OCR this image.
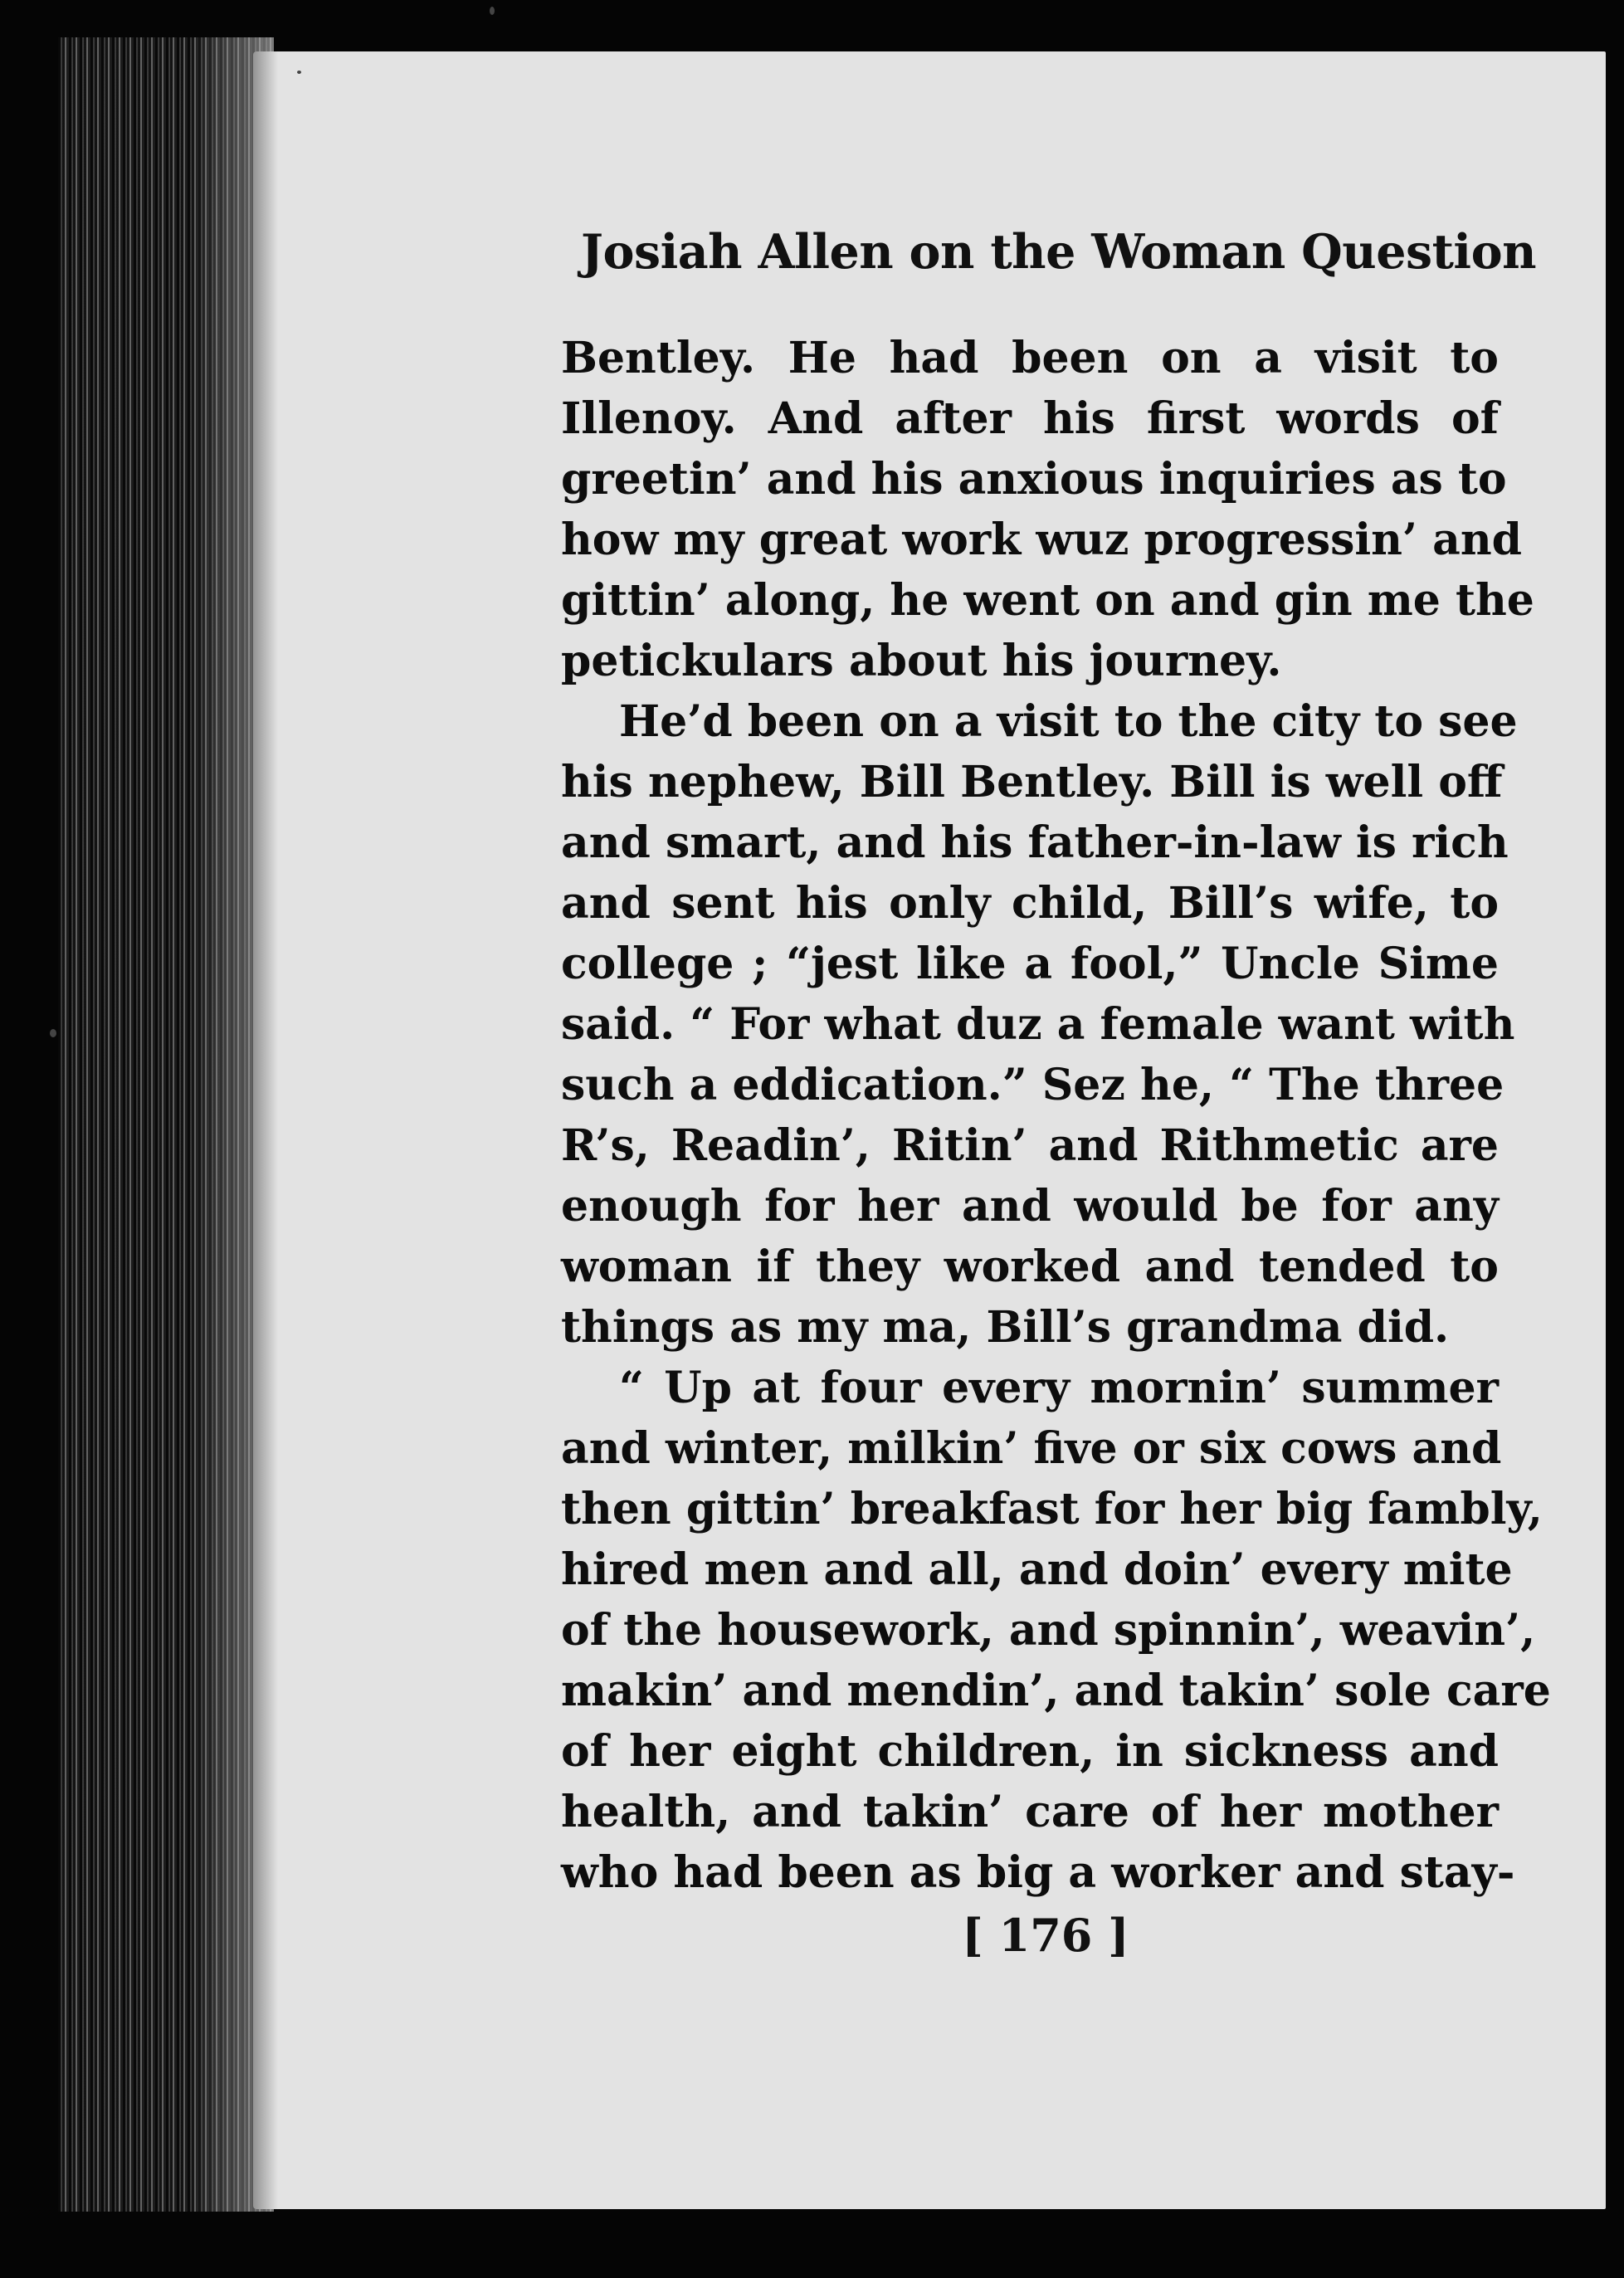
Josiah Allen on the Woman Question
Bentley. He had been on a visit to
Illenoy. And after his first words of
greetin’ and his anxious inquiries as to
how my great work wuz progressin’ and
gittin’ along, he went on and gin me the
petickulars about his journey.
He’d been on a visit to the city to see
his nephew, Bill Bentley. Bill is well off
and smart, and his father-in-law is rich
and sent his only child, Bill’s wife, to
college ; “jest like a fool,” Uncle Sime
said. “ For what duz a female want with
such a eddication.” Sez he, “ The three
R’s, Readin’, Ritin’ and Rithmetic are
enough for her and would be for any
woman if they worked and tended to
things as my ma, Bill’s grandma did.
“ Up at four every mornin’ summer
and winter, milkin’ five or six cows and
then gittin’ breakfast for her big fambly,
hired men and all, and doin’ every mite
of the housework, and spinnin’, weavin’,
makin’ and mendin’, and takin’ sole care
of her eight children, in sickness and
health, and takin’ care of her mother
who had been as big a worker and stay-
[ 176 ]
